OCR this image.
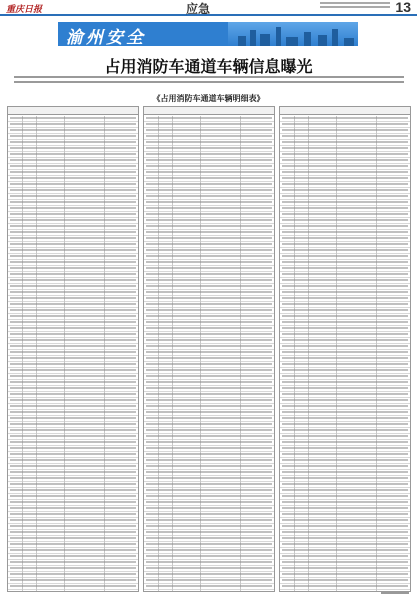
重庆日报	应急	13
渝州安全
占用消防车通道车辆信息曝光
《占用消防车通道车辆明细表》
